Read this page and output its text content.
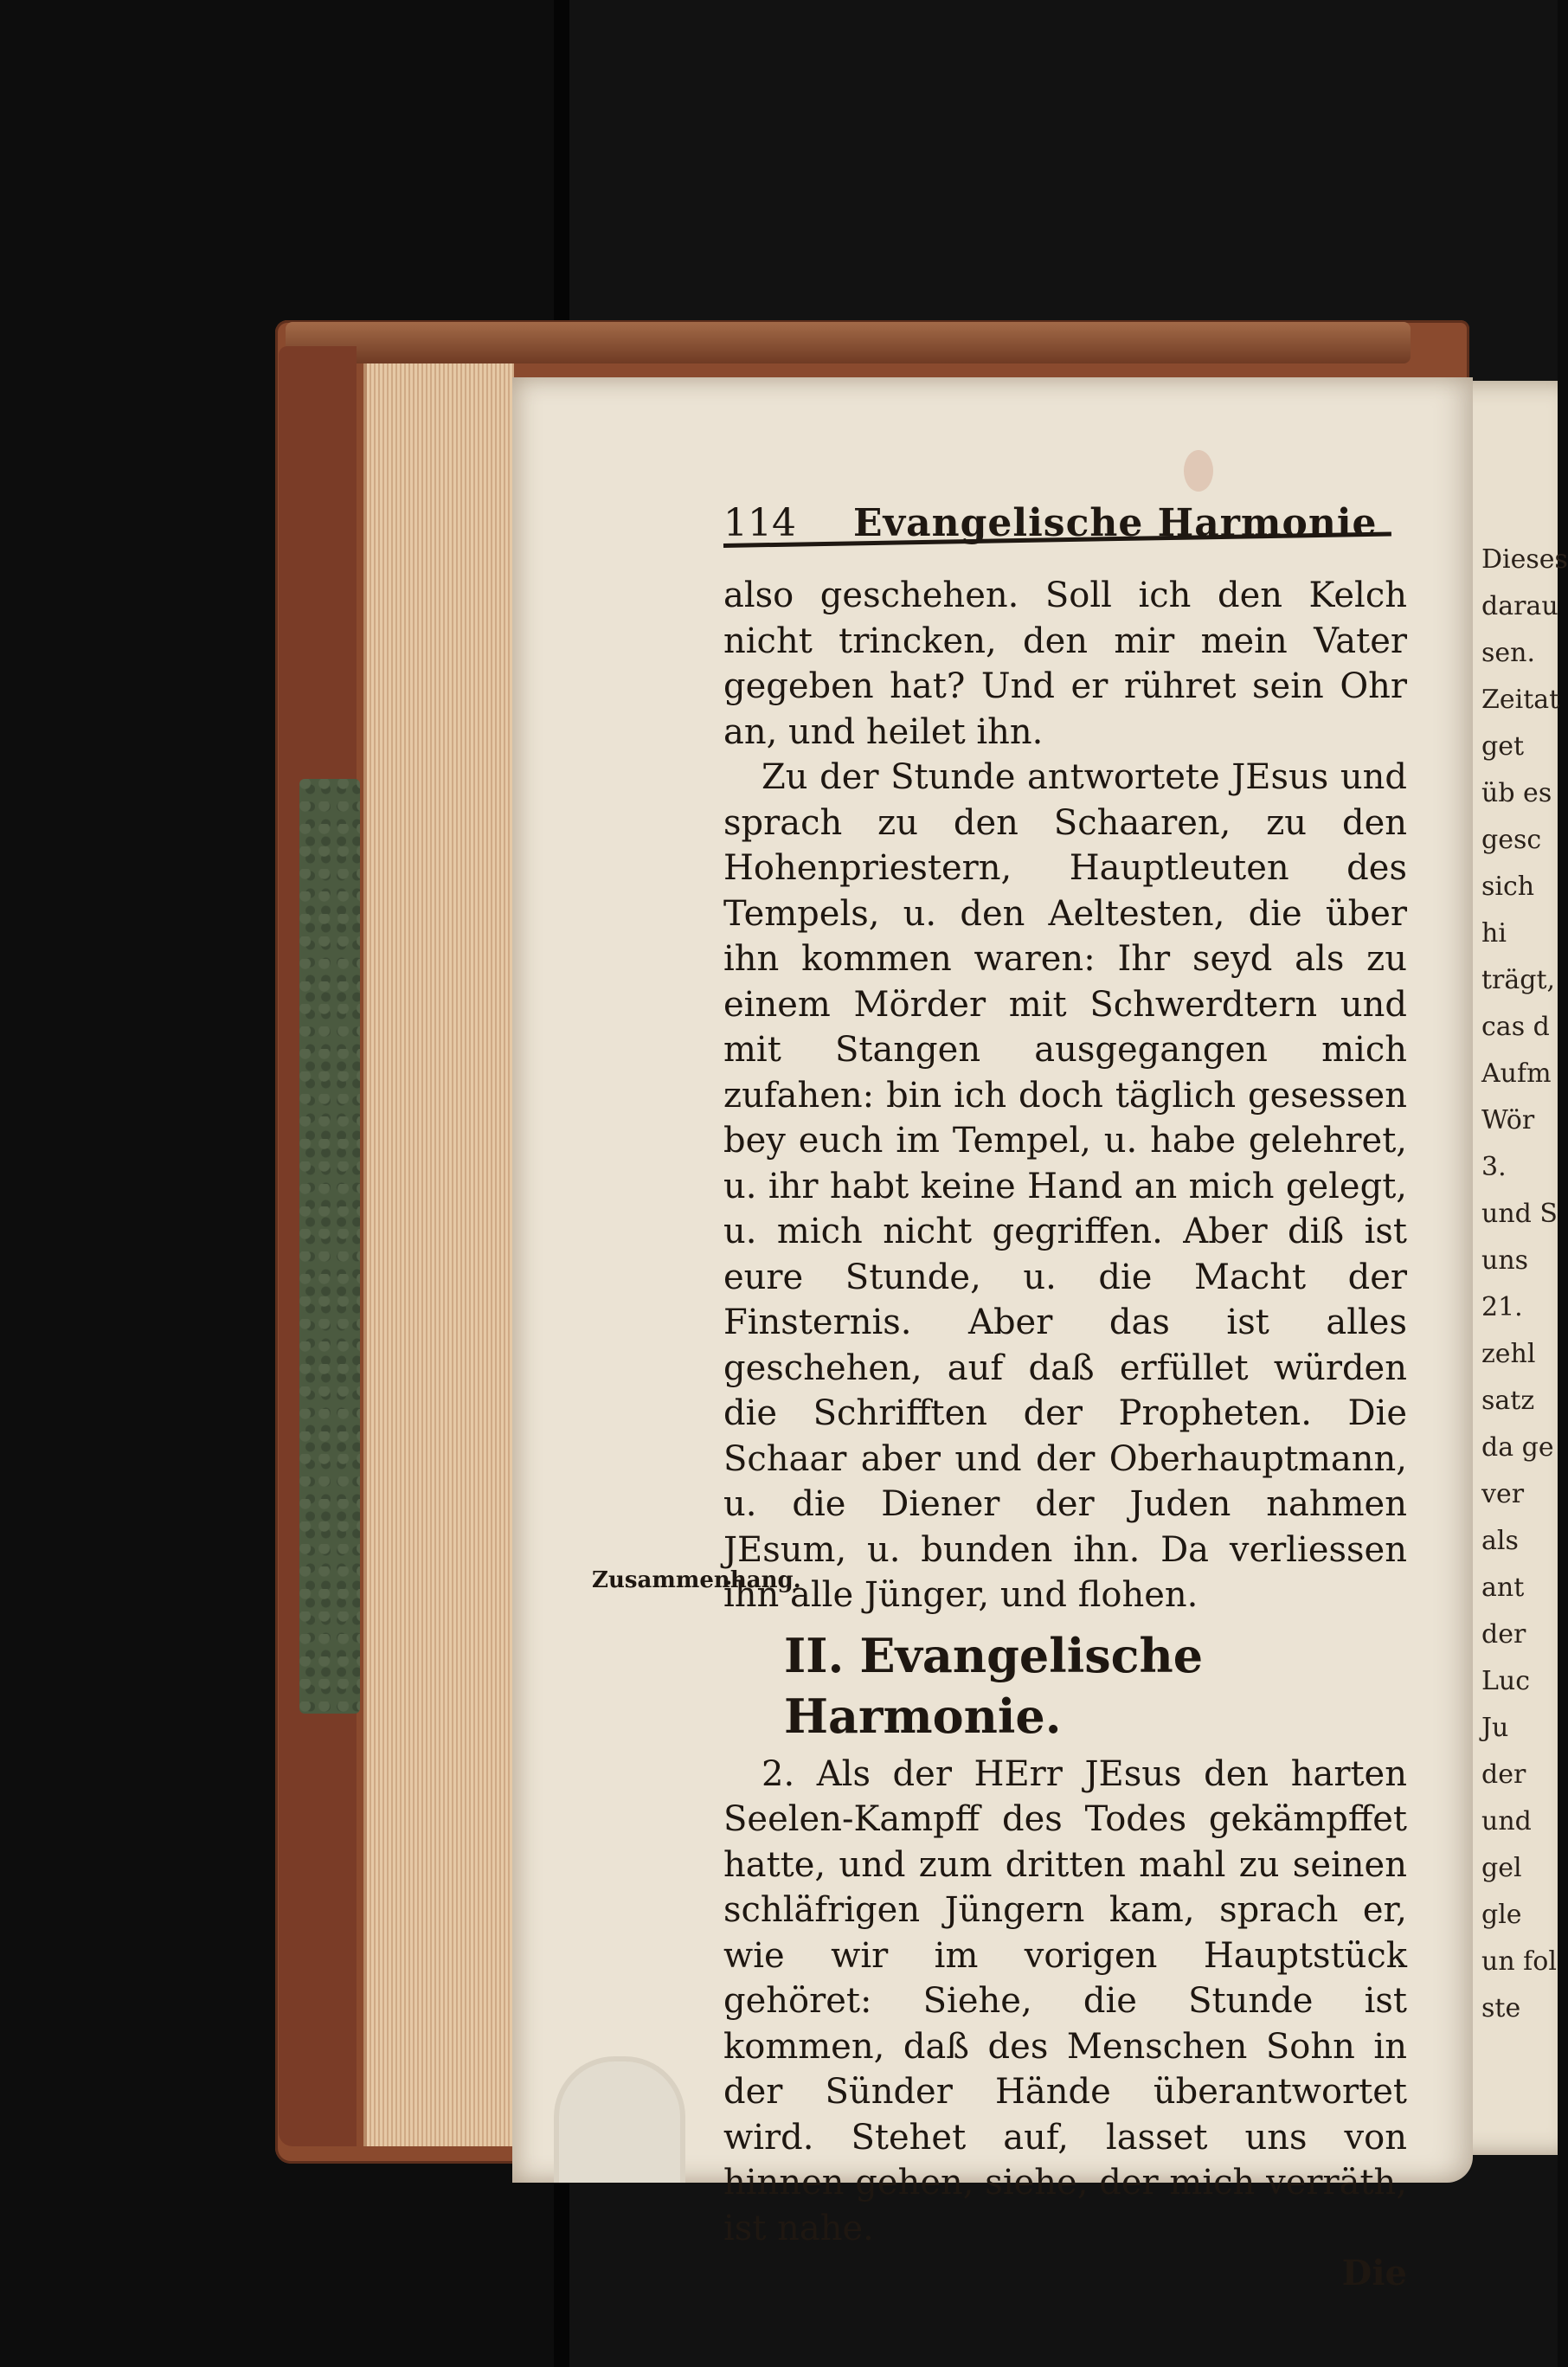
Dieses darau sen. Zeitat get üb es gesc sich hi trägt, cas d Aufm Wör 3. und S uns 21. zehl satz da ge ver als ant der Luc Ju der und gel gle un fol ste
114 Evangelische Harmonie
Zusammenhang.

also geschehen. Soll ich den Kelch nicht trincken, den mir mein Vater gegeben hat? Und er rühret sein Ohr an, und heilet ihn.

Zu der Stunde antwortete JEsus und sprach zu den Schaaren, zu den Hohenpriestern, Hauptleuten des Tempels, u. den Aeltesten, die über ihn kommen waren: Ihr seyd als zu einem Mörder mit Schwerdtern und mit Stangen ausgegangen mich zufahen: bin ich doch täglich gesessen bey euch im Tempel, u. habe gelehret, u. ihr habt keine Hand an mich gelegt, u. mich nicht gegriffen. Aber diß ist eure Stunde, u. die Macht der Finsternis. Aber das ist alles geschehen, auf daß erfüllet würden die Schrifften der Propheten. Die Schaar aber und der Oberhauptmann, u. die Diener der Juden nahmen JEsum, u. bunden ihn. Da verliessen ihn alle Jünger, und flohen.

II. Evangelische Harmonie.

2. Als der HErr JEsus den harten Seelen-Kampff des Todes gekämpffet hatte, und zum dritten mahl zu seinen schläfrigen Jüngern kam, sprach er, wie wir im vorigen Hauptstück gehöret: Siehe, die Stunde ist kommen, daß des Menschen Sohn in der Sünder Hände überantwortet wird. Stehet auf, lasset uns von hinnen gehen, siehe, der mich verräth, ist nahe.

Die
